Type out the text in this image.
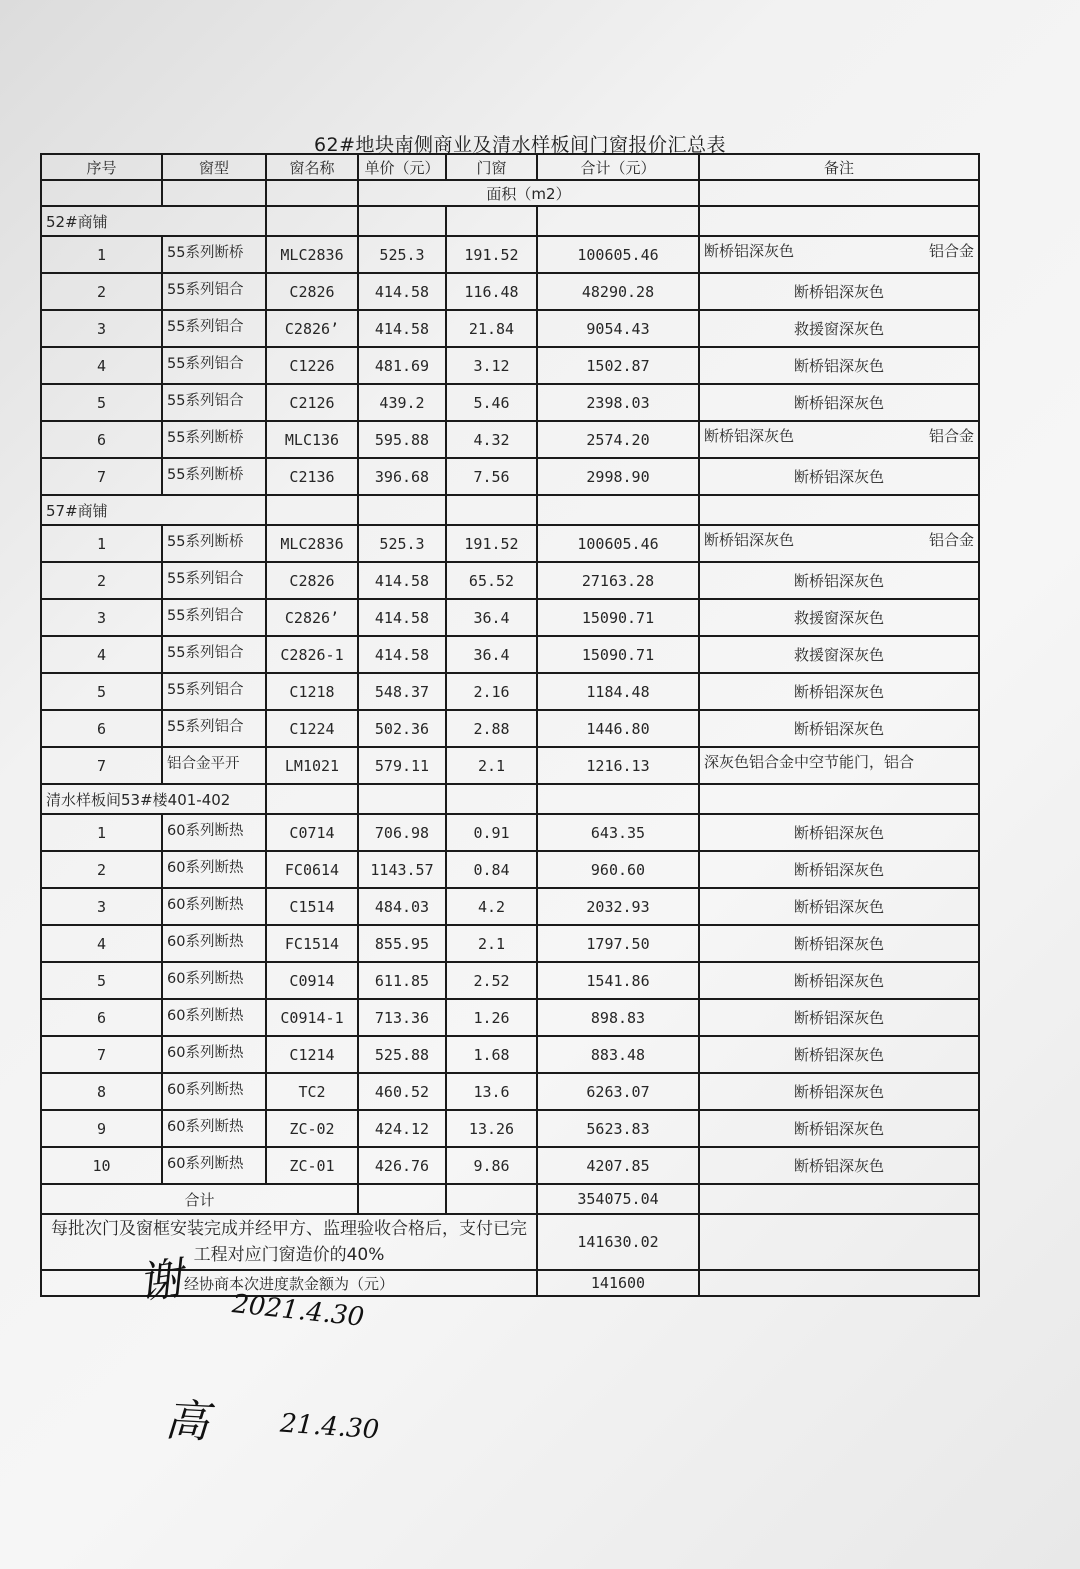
62#地块南侧商业及清水样板间门窗报价汇总表
序号	窗型	窗名称	单价（元）	门窗	合计（元）	备注
			面积（m2）			
52#商铺						
1	55系列断桥	MLC2836	525.3	191.52	100605.46	断桥铝深灰色 铝合金

2	55系列铝合	C2826	414.58	116.48	48290.28	断桥铝深灰色
3	55系列铝合	C2826’	414.58	21.84	9054.43	救援窗深灰色
4	55系列铝合	C1226	481.69	3.12	1502.87	断桥铝深灰色
5	55系列铝合	C2126	439.2	5.46	2398.03	断桥铝深灰色
6	55系列断桥	MLC136	595.88	4.32	2574.20	断桥铝深灰色 铝合金

7	55系列断桥	C2136	396.68	7.56	2998.90	断桥铝深灰色
57#商铺						
1	55系列断桥	MLC2836	525.3	191.52	100605.46	断桥铝深灰色 铝合金

2	55系列铝合	C2826	414.58	65.52	27163.28	断桥铝深灰色
3	55系列铝合	C2826’	414.58	36.4	15090.71	救援窗深灰色
4	55系列铝合	C2826-1	414.58	36.4	15090.71	救援窗深灰色
5	55系列铝合	C1218	548.37	2.16	1184.48	断桥铝深灰色
6	55系列铝合	C1224	502.36	2.88	1446.80	断桥铝深灰色
7	铝合金平开	LM1021	579.11	2.1	1216.13	深灰色铝合金中空节能门，铝合

清水样板间53#楼401-402						
1	60系列断热	C0714	706.98	0.91	643.35	断桥铝深灰色
2	60系列断热	FC0614	1143.57	0.84	960.60	断桥铝深灰色
3	60系列断热	C1514	484.03	4.2	2032.93	断桥铝深灰色
4	60系列断热	FC1514	855.95	2.1	1797.50	断桥铝深灰色
5	60系列断热	C0914	611.85	2.52	1541.86	断桥铝深灰色
6	60系列断热	C0914-1	713.36	1.26	898.83	断桥铝深灰色
7	60系列断热	C1214	525.88	1.68	883.48	断桥铝深灰色
8	60系列断热	TC2	460.52	13.6	6263.07	断桥铝深灰色
9	60系列断热	ZC-02	424.12	13.26	5623.83	断桥铝深灰色
10	60系列断热	ZC-01	426.76	9.86	4207.85	断桥铝深灰色
合计					354075.04	
每批次门及窗框安装完成并经甲方、监理验收合格后，支付已完工程对应门窗造价的40%					141630.02	
经协商本次进度款金额为（元）					141600	
谢
2021.4.30
高	21.4.30
